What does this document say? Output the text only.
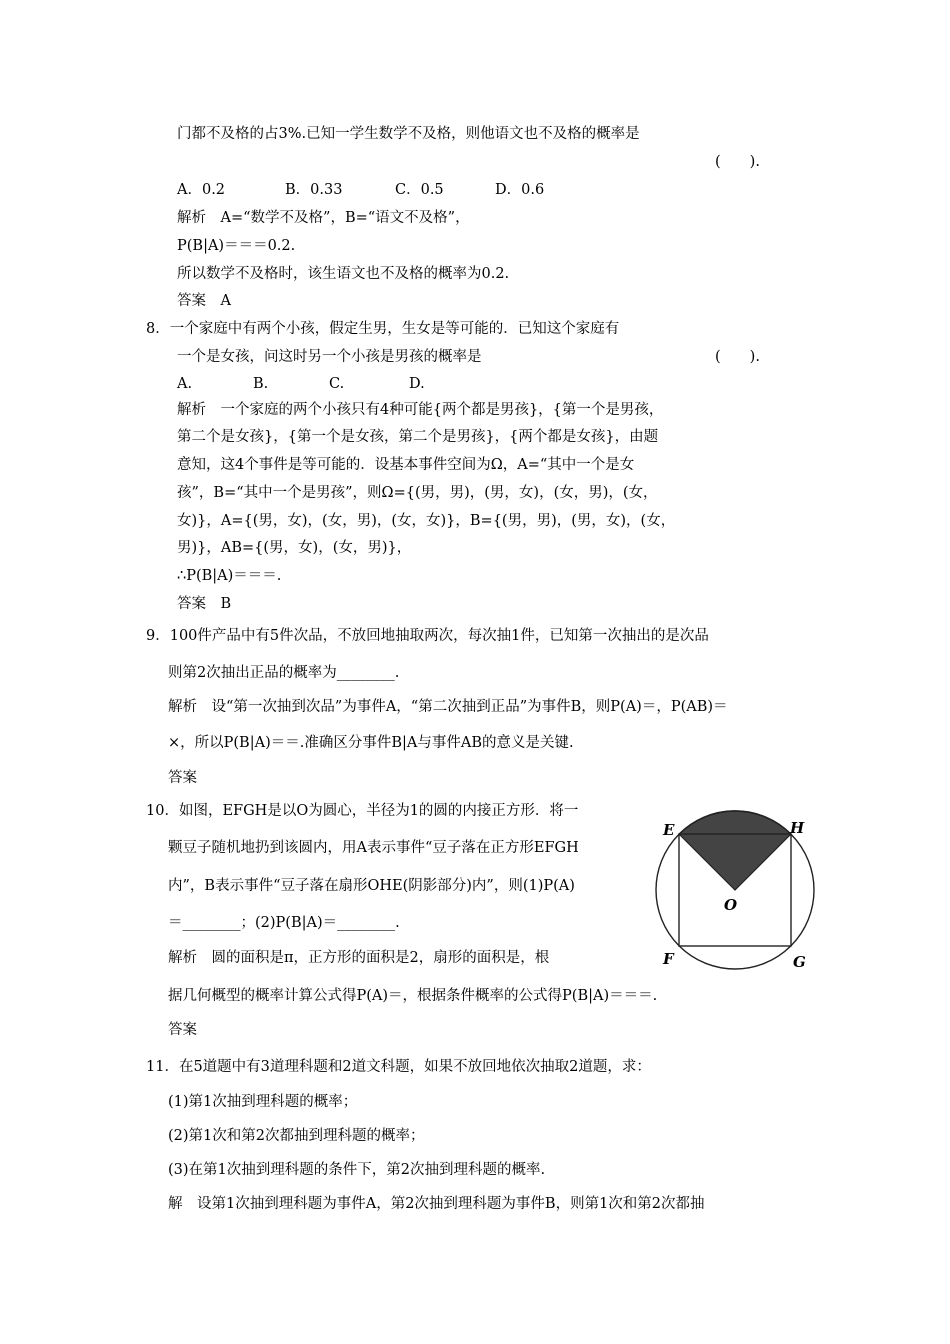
门都不及格的占3%.已知一学生数学不及格，则他语文也不及格的概率是
(　　).
A．0.2	B．0.33	C．0.5	D．0.6
解析　A=“数学不及格”，B=“语文不及格”，
P(B|A)＝＝＝0.2.
所以数学不及格时，该生语文也不及格的概率为0.2.
答案　A
8．一个家庭中有两个小孩，假定生男，生女是等可能的．已知这个家庭有
一个是女孩，问这时另一个小孩是男孩的概率是	(　　).
A.	B.	C.	D.
解析　一个家庭的两个小孩只有4种可能{两个都是男孩}，{第一个是男孩，
第二个是女孩}，{第一个是女孩，第二个是男孩}，{两个都是女孩}，由题
意知，这4个事件是等可能的．设基本事件空间为Ω，A=“其中一个是女
孩”，B=“其中一个是男孩”，则Ω={(男，男)，(男，女)，(女，男)，(女，
女)}，A={(男，女)，(女，男)，(女，女)}，B={(男，男)，(男，女)，(女，
男)}，AB={(男，女)，(女，男)}，
∴P(B|A)＝＝＝.
答案　B
9．100件产品中有5件次品，不放回地抽取两次，每次抽1件，已知第一次抽出的是次品
则第2次抽出正品的概率为________.
解析　设“第一次抽到次品”为事件A，“第二次抽到正品”为事件B，则P(A)＝，P(AB)＝
×，所以P(B|A)＝＝.准确区分事件B|A与事件AB的意义是关键.
答案
10．如图，EFGH是以O为圆心，半径为1的圆的内接正方形．将一
颗豆子随机地扔到该圆内，用A表示事件“豆子落在正方形EFGH
内”，B表示事件“豆子落在扇形OHE(阴影部分)内”，则(1)P(A)
＝________；(2)P(B|A)＝________.
解析　圆的面积是π，正方形的面积是2，扇形的面积是，根
据几何概型的概率计算公式得P(A)＝，根据条件概率的公式得P(B|A)＝＝＝.
答案
E	H
O
F	G
11．在5道题中有3道理科题和2道文科题，如果不放回地依次抽取2道题，求：
(1)第1次抽到理科题的概率；
(2)第1次和第2次都抽到理科题的概率；
(3)在第1次抽到理科题的条件下，第2次抽到理科题的概率.
解　设第1次抽到理科题为事件A，第2次抽到理科题为事件B，则第1次和第2次都抽
